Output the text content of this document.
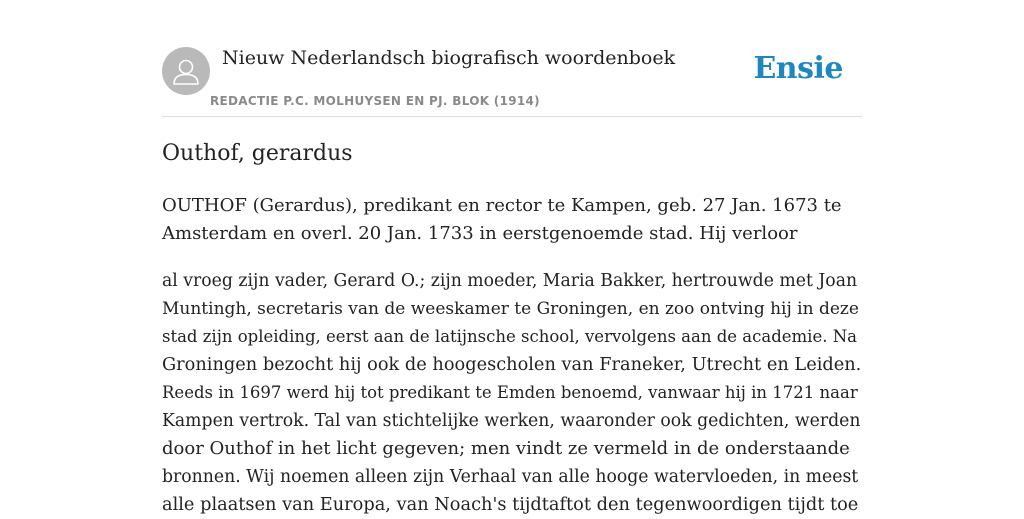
Nieuw Nederlandsch biografisch woordenboek
REDACTIE P.C. MOLHUYSEN EN PJ. BLOK (1914)
Ensie
Outhof, gerardus

OUTHOF (Gerardus), predikant en rector te Kampen, geb. 27 Jan. 1673 te
Amsterdam en overl. 20 Jan. 1733 in eerstgenoemde stad. Hij verloor

al vroeg zijn vader, Gerard O.; zijn moeder, Maria Bakker, hertrouwde met Joan
Muntingh, secretaris van de weeskamer te Groningen, en zoo ontving hij in deze
stad zijn opleiding, eerst aan de latijnsche school, vervolgens aan de academie. Na
Groningen bezocht hij ook de hoogescholen van Franeker, Utrecht en Leiden.
Reeds in 1697 werd hij tot predikant te Emden benoemd, vanwaar hij in 1721 naar
Kampen vertrok. Tal van stichtelijke werken, waaronder ook gedichten, werden
door Outhof in het licht gegeven; men vindt ze vermeld in de onderstaande
bronnen. Wij noemen alleen zijn Verhaal van alle hooge watervloeden, in meest
alle plaatsen van Europa, van Noach's tijdtaftot den tegenwoordigen tijdt toe
